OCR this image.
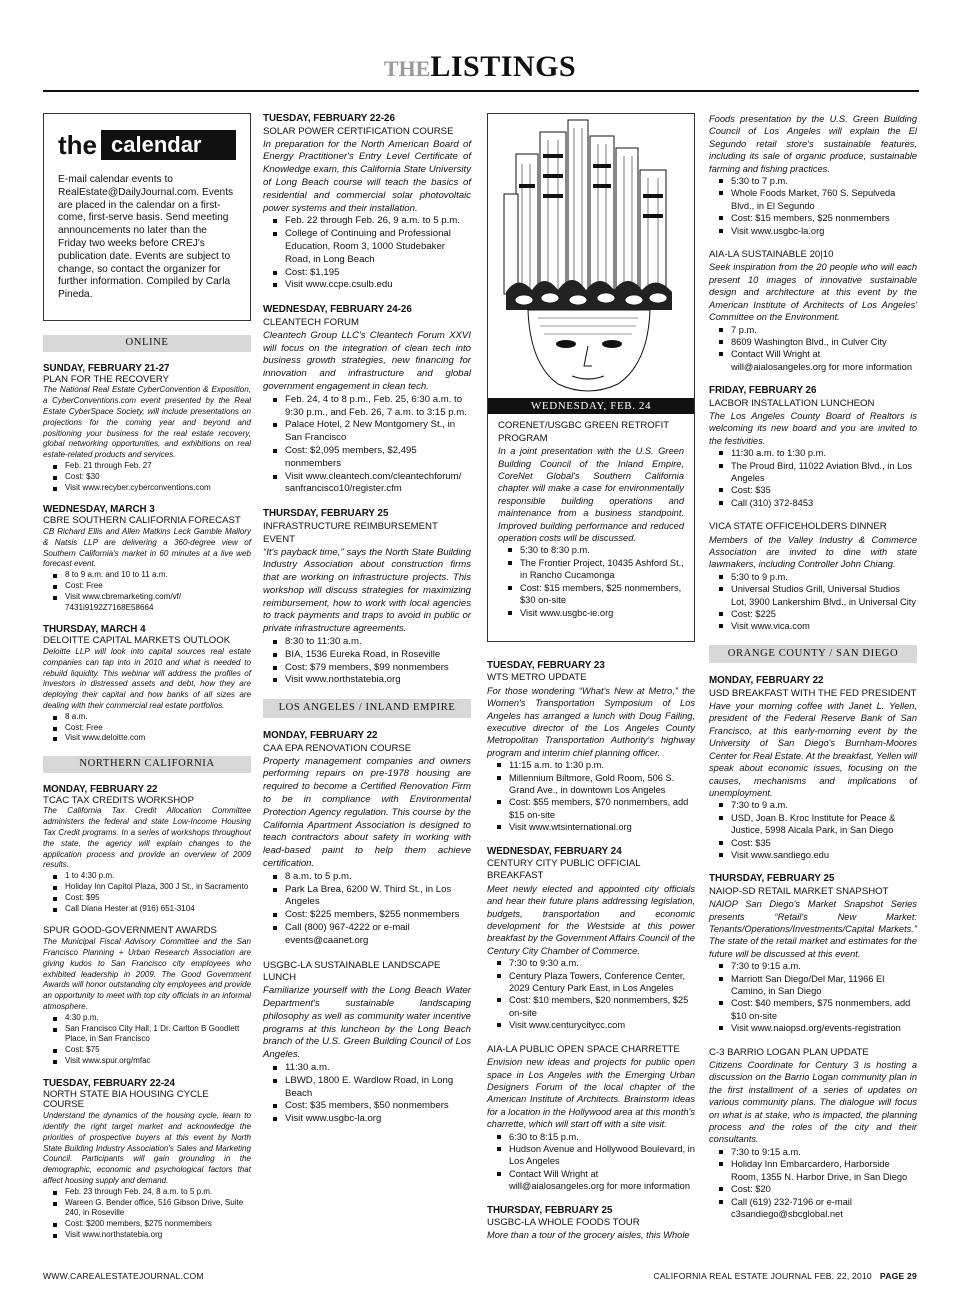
THELISTINGS
the calendar

E-mail calendar events to RealEstate@DailyJournal.com. Events are placed in the calendar on a first-come, first-serve basis. Send meeting announcements no later than the Friday two weeks before CREJ's publication date. Events are subject to change, so contact the organizer for further information. Compiled by Carla Pineda.

ONLINE
SUNDAY, FEBRUARY 21-27
PLAN FOR THE RECOVERY

The National Real Estate CyberConvention & Exposition, a CyberConventions.com event presented by the Real Estate CyberSpace Society, will include presentations on projections for the coming year and beyond and positioning your business for the real estate recovery, global networking opportunities, and exhibitions on real estate-related products and services.

Feb. 21 through Feb. 27
Cost: $30
Visit www.recyber.cyberconventions.com
WEDNESDAY, MARCH 3
CBRE SOUTHERN CALIFORNIA FORECAST

CB Richard Ellis and Allen Matkins Leck Gamble Mallory & Natsis LLP are delivering a 360-degree view of Southern California's market in 60 minutes at a live web forecast event.

8 to 9 a.m. and 10 to 11 a.m.
Cost: Free
Visit www.cbremarketing.com/vf/ 7431i9192Z7168E58664
THURSDAY, MARCH 4
DELOITTE CAPITAL MARKETS OUTLOOK

Deloitte LLP will look into capital sources real estate companies can tap into in 2010 and what is needed to rebuild liquidity. This webinar will address the profiles of investors in distressed assets and debt, how they are deploying their capital and how banks of all sizes are dealing with their commercial real estate portfolios.

8 a.m.
Cost: Free
Visit www.deloitte.com
NORTHERN CALIFORNIA
MONDAY, FEBRUARY 22
TCAC TAX CREDITS WORKSHOP

The California Tax Credit Allocation Committee administers the federal and state Low-Income Housing Tax Credit programs. In a series of workshops throughout the state, the agency will explain changes to the application process and provide an overview of 2009 results.

1 to 4:30 p.m.
Holiday Inn Capitol Plaza, 300 J St., in Sacramento
Cost: $95
Call Diana Hester at (916) 651-3104
SPUR GOOD-GOVERNMENT AWARDS

The Municipal Fiscal Advisory Committee and the San Francisco Planning + Urban Research Association are giving kudos to San Francisco city employees who exhibited leadership in 2009. The Good Government Awards will honor outstanding city employees and provide an opportunity to meet with top city officials in an informal atmosphere.

4:30 p.m.
San Francisco City Hall, 1 Dr. Carlton B Goodlett Place, in San Francisco
Cost: $75
Visit www.spur.org/mfac
TUESDAY, FEBRUARY 22-24
NORTH STATE BIA HOUSING CYCLE COURSE

Understand the dynamics of the housing cycle, learn to identify the right target market and acknowledge the priorities of prospective buyers at this event by North State Building Industry Association's Sales and Marketing Council. Participants will gain grounding in the demographic, economic and psychological factors that affect housing supply and demand.

Feb. 23 through Feb. 24, 8 a.m. to 5 p.m.
Wareen G. Bender office, 516 Gibson Drive, Suite 240, in Roseville
Cost: $200 members, $275 nonmembers
Visit www.northstatebia.org
TUESDAY, FEBRUARY 22-26
SOLAR POWER CERTIFICATION COURSE

In preparation for the North American Board of Energy Practitioner's Entry Level Certificate of Knowledge exam, this California State University of Long Beach course will teach the basics of residential and commercial solar photovoltaic power systems and their installation.

Feb. 22 through Feb. 26, 9 a.m. to 5 p.m.
College of Continuing and Professional Education, Room 3, 1000 Studebaker Road, in Long Beach
Cost: $1,195
Visit www.ccpe.csulb.edu
WEDNESDAY, FEBRUARY 24-26
CLEANTECH FORUM

Cleantech Group LLC's Cleantech Forum XXVI will focus on the integration of clean tech into business growth strategies, new financing for innovation and infrastructure and global government engagement in clean tech.

Feb. 24, 4 to 8 p.m., Feb. 25, 6:30 a.m. to 9:30 p.m., and Feb. 26, 7 a.m. to 3:15 p.m.
Palace Hotel, 2 New Montgomery St., in San Francisco
Cost: $2,095 members, $2,495 nonmembers
Visit www.cleantech.com/cleantechforum/ sanfrancisco10/register.cfm
THURSDAY, FEBRUARY 25
INFRASTRUCTURE REIMBURSEMENT EVENT

“It's payback time,” says the North State Building Industry Association about construction firms that are working on infrastructure projects. This workshop will discuss strategies for maximizing reimbursement, how to work with local agencies to track payments and traps to avoid in public or private infrastructure agreements.

8:30 to 11:30 a.m.
BIA, 1536 Eureka Road, in Roseville
Cost: $79 members, $99 nonmembers
Visit www.northstatebia.org
LOS ANGELES / INLAND EMPIRE
MONDAY, FEBRUARY 22
CAA EPA RENOVATION COURSE

Property management companies and owners performing repairs on pre-1978 housing are required to become a Certified Renovation Firm to be in compliance with Environmental Protection Agency regulation. This course by the California Apartment Association is designed to teach contractors about safety in working with lead-based paint to help them achieve certification.

8 a.m. to 5 p.m.
Park La Brea, 6200 W. Third St., in Los Angeles
Cost: $225 members, $255 nonmembers
Call (800) 967-4222 or e-mail events@caanet.org
USGBC-LA SUSTAINABLE LANDSCAPE LUNCH

Familiarize yourself with the Long Beach Water Department's sustainable landscaping philosophy as well as community water incentive programs at this luncheon by the Long Beach branch of the U.S. Green Building Council of Los Angeles.

11:30 a.m.
LBWD, 1800 E. Wardlow Road, in Long Beach
Cost: $35 members, $50 nonmembers
Visit www.usgbc-la.org
WEDNESDAY, FEB. 24
CORENET/USGBC GREEN RETROFIT PROGRAM

In a joint presentation with the U.S. Green Building Council of the Inland Empire, CoreNet Global's Southern California chapter will make a case for environmentally responsible building operations and maintenance from a business standpoint. Improved building performance and reduced operation costs will be discussed.

5:30 to 8:30 p.m.
The Frontier Project, 10435 Ashford St., in Rancho Cucamonga
Cost: $15 members, $25 nonmembers, $30 on-site
Visit www.usgbc-ie.org
TUESDAY, FEBRUARY 23
WTS METRO UPDATE

For those wondering “What's New at Metro,” the Women's Transportation Symposium of Los Angeles has arranged a lunch with Doug Failing, executive director of the Los Angeles County Metropolitan Transportation Authority's highway program and interim chief planning officer.

11:15 a.m. to 1:30 p.m.
Millennium Biltmore, Gold Room, 506 S. Grand Ave., in downtown Los Angeles
Cost: $55 members, $70 nonmembers, add $15 on-site
Visit www.wtsinternational.org
WEDNESDAY, FEBRUARY 24
CENTURY CITY PUBLIC OFFICIAL BREAKFAST

Meet newly elected and appointed city officials and hear their future plans addressing legislation, budgets, transportation and economic development for the Westside at this power breakfast by the Government Affairs Council of the Century City Chamber of Commerce.

7:30 to 9:30 a.m.
Century Plaza Towers, Conference Center, 2029 Century Park East, in Los Angeles
Cost: $10 members, $20 nonmembers, $25 on-site
Visit www.centurycitycc.com
AIA-LA PUBLIC OPEN SPACE CHARRETTE

Envision new ideas and projects for public open space in Los Angeles with the Emerging Urban Designers Forum of the local chapter of the American Institute of Architects. Brainstorm ideas for a location in the Hollywood area at this month's charrette, which will start off with a site visit.

6:30 to 8:15 p.m.
Hudson Avenue and Hollywood Boulevard, in Los Angeles
Contact Will Wright at will@aialosangeles.org for more information
THURSDAY, FEBRUARY 25
USGBC-LA WHOLE FOODS TOUR

More than a tour of the grocery aisles, this Whole

Foods presentation by the U.S. Green Building Council of Los Angeles will explain the El Segundo retail store's sustainable features, including its sale of organic produce, sustainable farming and fishing practices.

5:30 to 7 p.m.
Whole Foods Market, 760 S. Sepulveda Blvd., in El Segundo
Cost: $15 members, $25 nonmembers
Visit www.usgbc-la.org
AIA-LA SUSTAINABLE 20|10

Seek inspiration from the 20 people who will each present 10 images of innovative sustainable design and architecture at this event by the American Institute of Architects of Los Angeles' Committee on the Environment.

7 p.m.
8609 Washington Blvd., in Culver City
Contact Will Wright at will@aialosangeles.org for more information
FRIDAY, FEBRUARY 26
LACBOR INSTALLATION LUNCHEON

The Los Angeles County Board of Realtors is welcoming its new board and you are invited to the festivities.

11:30 a.m. to 1:30 p.m.
The Proud Bird, 11022 Aviation Blvd., in Los Angeles
Cost: $35
Call (310) 372-8453
VICA STATE OFFICEHOLDERS DINNER

Members of the Valley Industry & Commerce Association are invited to dine with state lawmakers, including Controller John Chiang.

5:30 to 9 p.m.
Universal Studios Grill, Universal Studios Lot, 3900 Lankershim Blvd., in Universal City
Cost: $225
Visit www.vica.com
ORANGE COUNTY / SAN DIEGO
MONDAY, FEBRUARY 22
USD BREAKFAST WITH THE FED PRESIDENT

Have your morning coffee with Janet L. Yellen, president of the Federal Reserve Bank of San Francisco, at this early-morning event by the University of San Diego's Burnham-Moores Center for Real Estate. At the breakfast, Yellen will speak about economic issues, focusing on the causes, mechanisms and implications of unemployment.

7:30 to 9 a.m.
USD, Joan B. Kroc Institute for Peace & Justice, 5998 Alcala Park, in San Diego
Cost: $35
Visit www.sandiego.edu
THURSDAY, FEBRUARY 25
NAIOP-SD RETAIL MARKET SNAPSHOT

NAIOP San Diego's Market Snapshot Series presents “Retail's New Market: Tenants/Operations/Investments/Capital Markets.” The state of the retail market and estimates for the future will be discussed at this event.

7:30 to 9:15 a.m.
Marriott San Diego/Del Mar, 11966 El Camino, in San Diego
Cost: $40 members, $75 nonmembers, add $10 on-site
Visit www.naiopsd.org/events-registration
C-3 BARRIO LOGAN PLAN UPDATE

Citizens Coordinate for Century 3 is hosting a discussion on the Barrio Logan community plan in the first installment of a series of updates on various community plans. The dialogue will focus on what is at stake, who is impacted, the planning process and the roles of the city and their consultants.

7:30 to 9:15 a.m.
Holiday Inn Embarcardero, Harborside Room, 1355 N. Harbor Drive, in San Diego
Cost: $20
Call (619) 232-7196 or e-mail c3sandiego@sbcglobal.net
WWW.CAREALESTATEJOURNAL.COM	CALIFORNIA REAL ESTATE JOURNAL FEB. 22, 2010 PAGE 29
